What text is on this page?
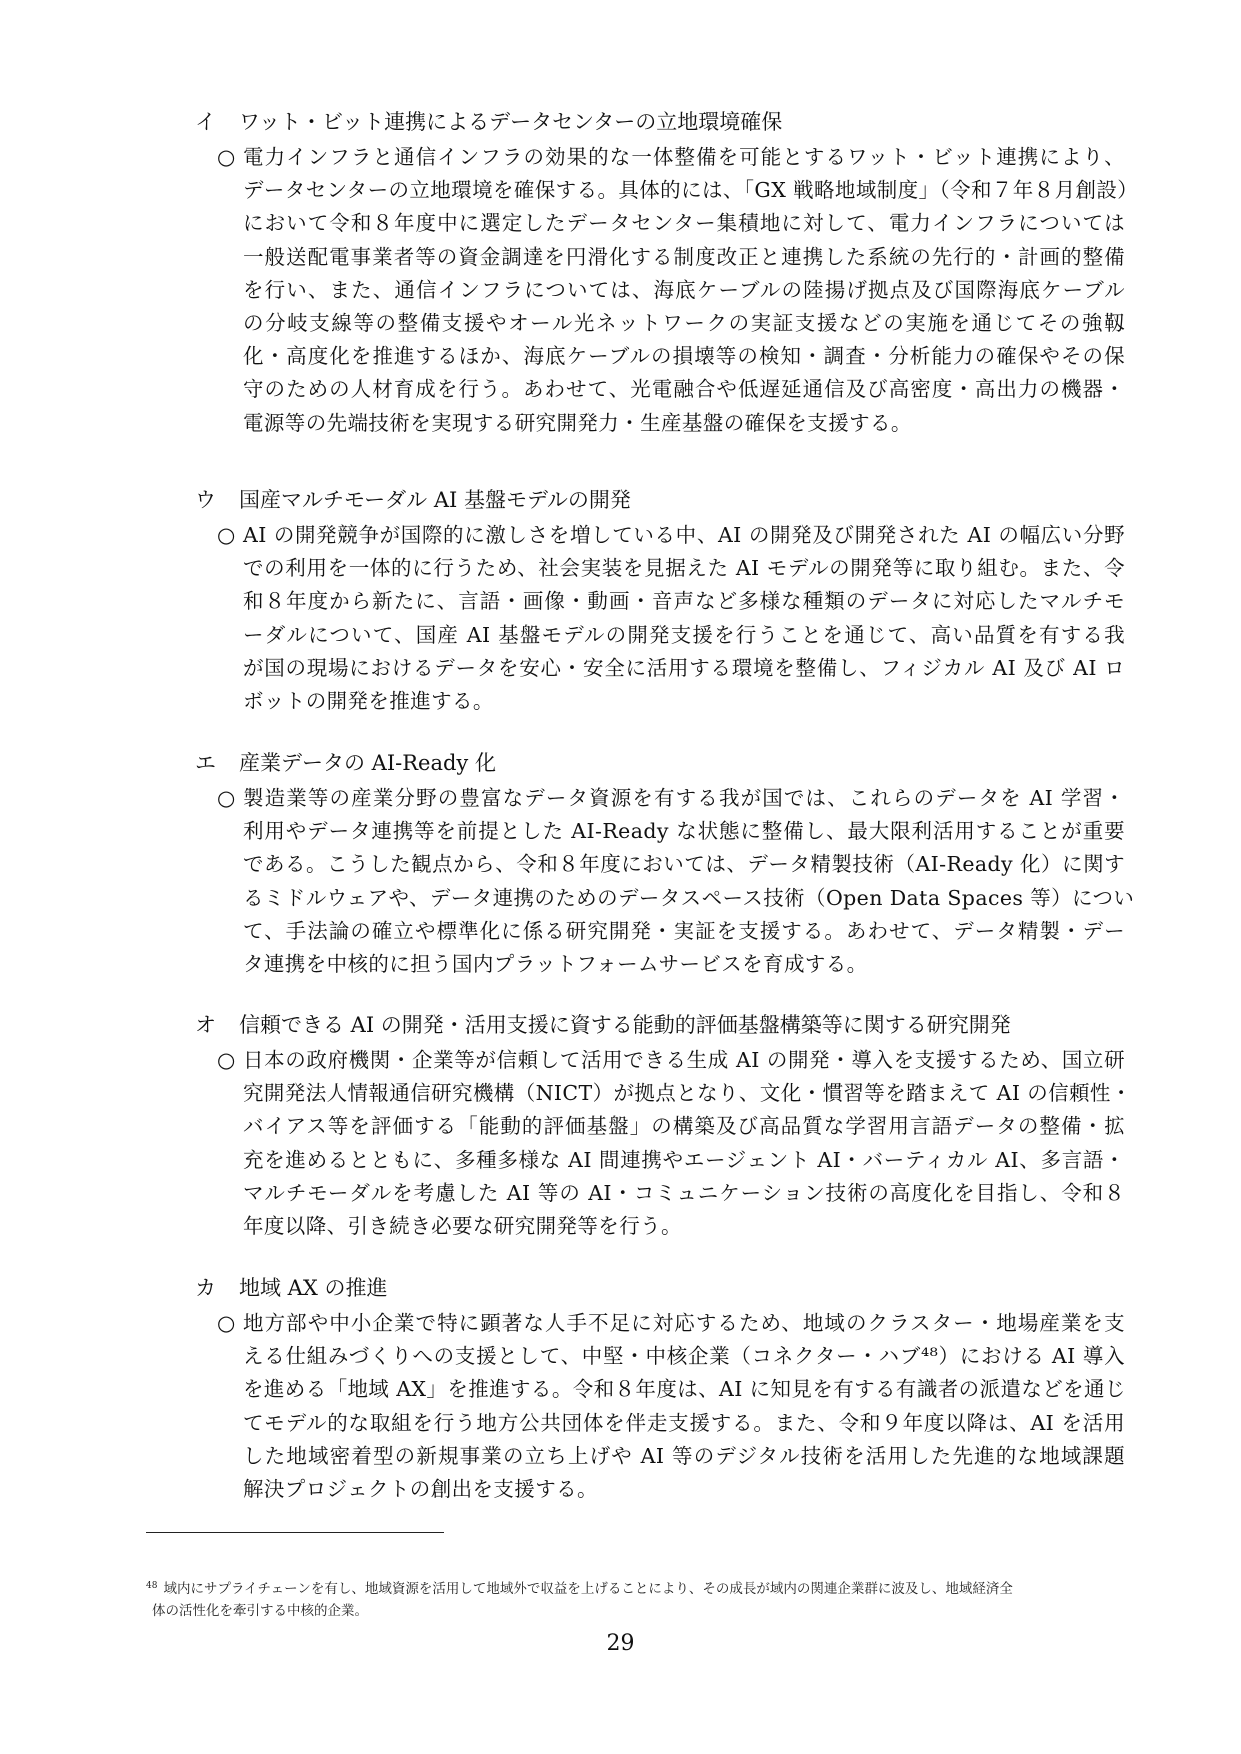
イ ワット・ビット連携によるデータセンターの立地環境確保
○ 電力インフラと通信インフラの効果的な一体整備を可能とするワット・ビット連携により、
データセンターの立地環境を確保する。具体的には、「GX 戦略地域制度」（令和７年８月創設）
において令和８年度中に選定したデータセンター集積地に対して、電力インフラについては
一般送配電事業者等の資金調達を円滑化する制度改正と連携した系統の先行的・計画的整備
を行い、また、通信インフラについては、海底ケーブルの陸揚げ拠点及び国際海底ケーブル
の分岐支線等の整備支援やオール光ネットワークの実証支援などの実施を通じてその強靱
化・高度化を推進するほか、海底ケーブルの損壊等の検知・調査・分析能力の確保やその保
守のための人材育成を行う。あわせて、光電融合や低遅延通信及び高密度・高出力の機器・
電源等の先端技術を実現する研究開発力・生産基盤の確保を支援する。
ウ 国産マルチモーダル AI 基盤モデルの開発
○ AI の開発競争が国際的に激しさを増している中、AI の開発及び開発された AI の幅広い分野
での利用を一体的に行うため、社会実装を見据えた AI モデルの開発等に取り組む。また、令
和８年度から新たに、言語・画像・動画・音声など多様な種類のデータに対応したマルチモ
ーダルについて、国産 AI 基盤モデルの開発支援を行うことを通じて、高い品質を有する我
が国の現場におけるデータを安心・安全に活用する環境を整備し、フィジカル AI 及び AI ロ
ボットの開発を推進する。
エ 産業データの AI-Ready 化
○ 製造業等の産業分野の豊富なデータ資源を有する我が国では、これらのデータを AI 学習・
利用やデータ連携等を前提とした AI-Ready な状態に整備し、最大限利活用することが重要
である。こうした観点から、令和８年度においては、データ精製技術（AI-Ready 化）に関す
るミドルウェアや、データ連携のためのデータスペース技術（Open Data Spaces 等）につい
て、手法論の確立や標準化に係る研究開発・実証を支援する。あわせて、データ精製・デー
タ連携を中核的に担う国内プラットフォームサービスを育成する。
オ 信頼できる AI の開発・活用支援に資する能動的評価基盤構築等に関する研究開発
○ 日本の政府機関・企業等が信頼して活用できる生成 AI の開発・導入を支援するため、国立研
究開発法人情報通信研究機構（NICT）が拠点となり、文化・慣習等を踏まえて AI の信頼性・
バイアス等を評価する「能動的評価基盤」の構築及び高品質な学習用言語データの整備・拡
充を進めるとともに、多種多様な AI 間連携やエージェント AI・バーティカル AI、多言語・
マルチモーダルを考慮した AI 等の AI・コミュニケーション技術の高度化を目指し、令和８
年度以降、引き続き必要な研究開発等を行う。
カ 地域 AX の推進
○ 地方部や中小企業で特に顕著な人手不足に対応するため、地域のクラスター・地場産業を支
える仕組みづくりへの支援として、中堅・中核企業（コネクター・ハブ⁴⁸）における AI 導入
を進める「地域 AX」を推進する。令和８年度は、AI に知見を有する有識者の派遣などを通じ
てモデル的な取組を行う地方公共団体を伴走支援する。また、令和９年度以降は、AI を活用
した地域密着型の新規事業の立ち上げや AI 等のデジタル技術を活用した先進的な地域課題
解決プロジェクトの創出を支援する。
$^{48}$ 域内にサプライチェーンを有し、地域資源を活用して地域外で収益を上げることにより、その成長が域内の関連企業群に波及し、地域経済全
体の活性化を牽引する中核的企業。
29
